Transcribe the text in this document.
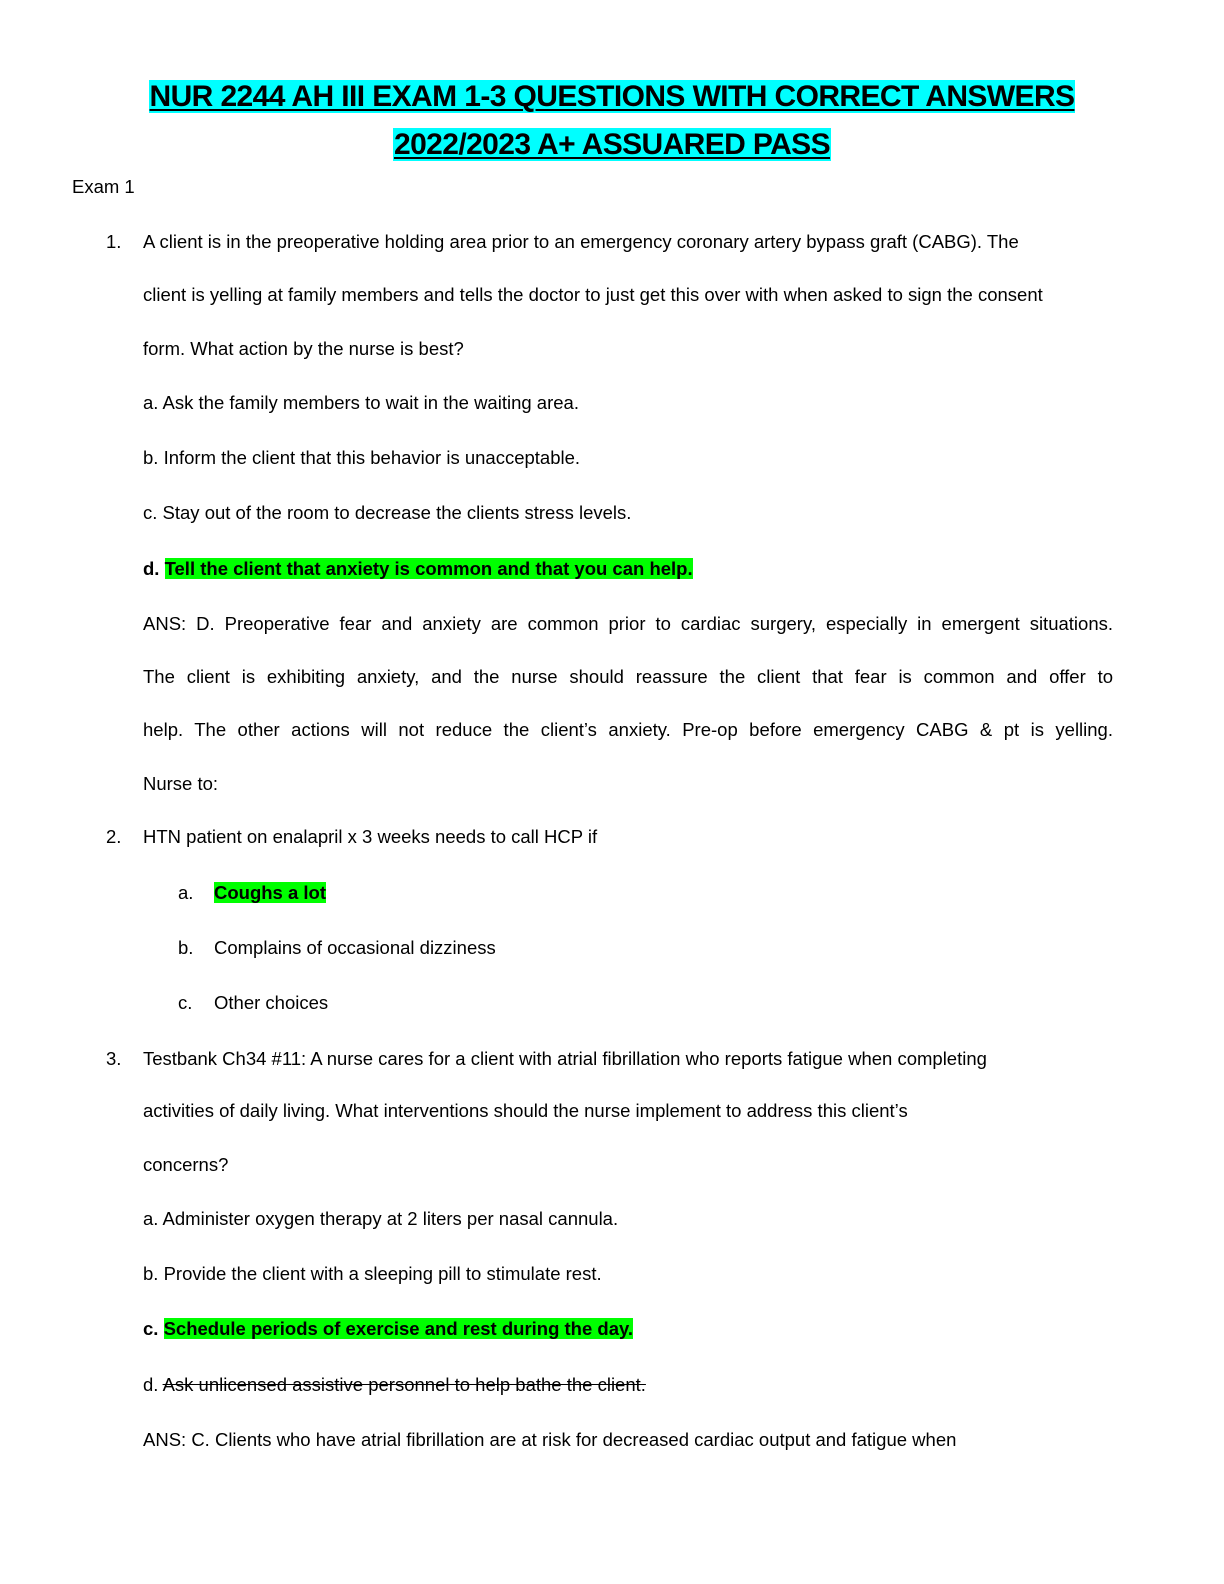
NUR 2244 AH III EXAM 1-3 QUESTIONS WITH CORRECT ANSWERS
2022/2023 A+ ASSUARED PASS
Exam 1
1. A client is in the preoperative holding area prior to an emergency coronary artery bypass graft (CABG). The
client is yelling at family members and tells the doctor to just get this over with when asked to sign the consent
form. What action by the nurse is best?
a. Ask the family members to wait in the waiting area.
b. Inform the client that this behavior is unacceptable.
c. Stay out of the room to decrease the clients stress levels.
d. Tell the client that anxiety is common and that you can help.
ANS: D. Preoperative fear and anxiety are common prior to cardiac surgery, especially in emergent situations.
The client is exhibiting anxiety, and the nurse should reassure the client that fear is common and offer to
help. The other actions will not reduce the client’s anxiety. Pre-op before emergency CABG & pt is yelling.
Nurse to:
2. HTN patient on enalapril x 3 weeks needs to call HCP if
a. Coughs a lot
b. Complains of occasional dizziness
c. Other choices
3. Testbank Ch34 #11: A nurse cares for a client with atrial fibrillation who reports fatigue when completing
activities of daily living. What interventions should the nurse implement to address this client’s
concerns?
a. Administer oxygen therapy at 2 liters per nasal cannula.
b. Provide the client with a sleeping pill to stimulate rest.
c. Schedule periods of exercise and rest during the day.
d. Ask unlicensed assistive personnel to help bathe the client.
ANS: C. Clients who have atrial fibrillation are at risk for decreased cardiac output and fatigue when
